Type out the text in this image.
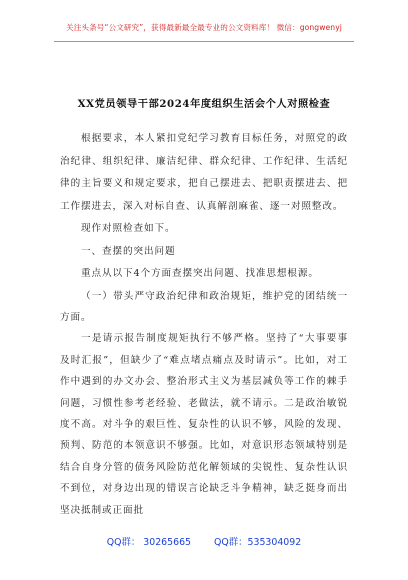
关注头条号“公文研究”，获得最新最全最专业的公文资料库！ 微信：gongwenyj
XX党员领导干部2024年度组织生活会个人对照检查

根据要求，本人紧扣党纪学习教育目标任务，对照党的政治纪律、组织纪律、廉洁纪律、群众纪律、工作纪律、生活纪律的主旨要义和规定要求，把自己摆进去、把职责摆进去、把工作摆进去，深入对标自查、认真解剖麻雀、逐一对照整改。

现作对照检查如下。

一、查摆的突出问题

重点从以下4个方面查摆突出问题、找准思想根源。

（一）带头严守政治纪律和政治规矩，维护党的团结统一方面。

一是请示报告制度规矩执行不够严格。坚持了“大事要事及时汇报”，但缺少了“难点堵点痛点及时请示”。比如，对工作中遇到的办文办会、整治形式主义为基层减负等工作的棘手问题，习惯性参考老经验、老做法，就不请示。二是政治敏锐度不高。对斗争的艰巨性、复杂性的认识不够，风险的发现、预判、防范的本领意识不够强。比如，对意识形态领域特别是结合自身分管的债务风险防范化解领域的尖锐性、复杂性认识不到位，对身边出现的错误言论缺乏斗争精神，缺乏挺身而出坚决抵制或正面批

QQ群： 30265665 QQ群：535304092
